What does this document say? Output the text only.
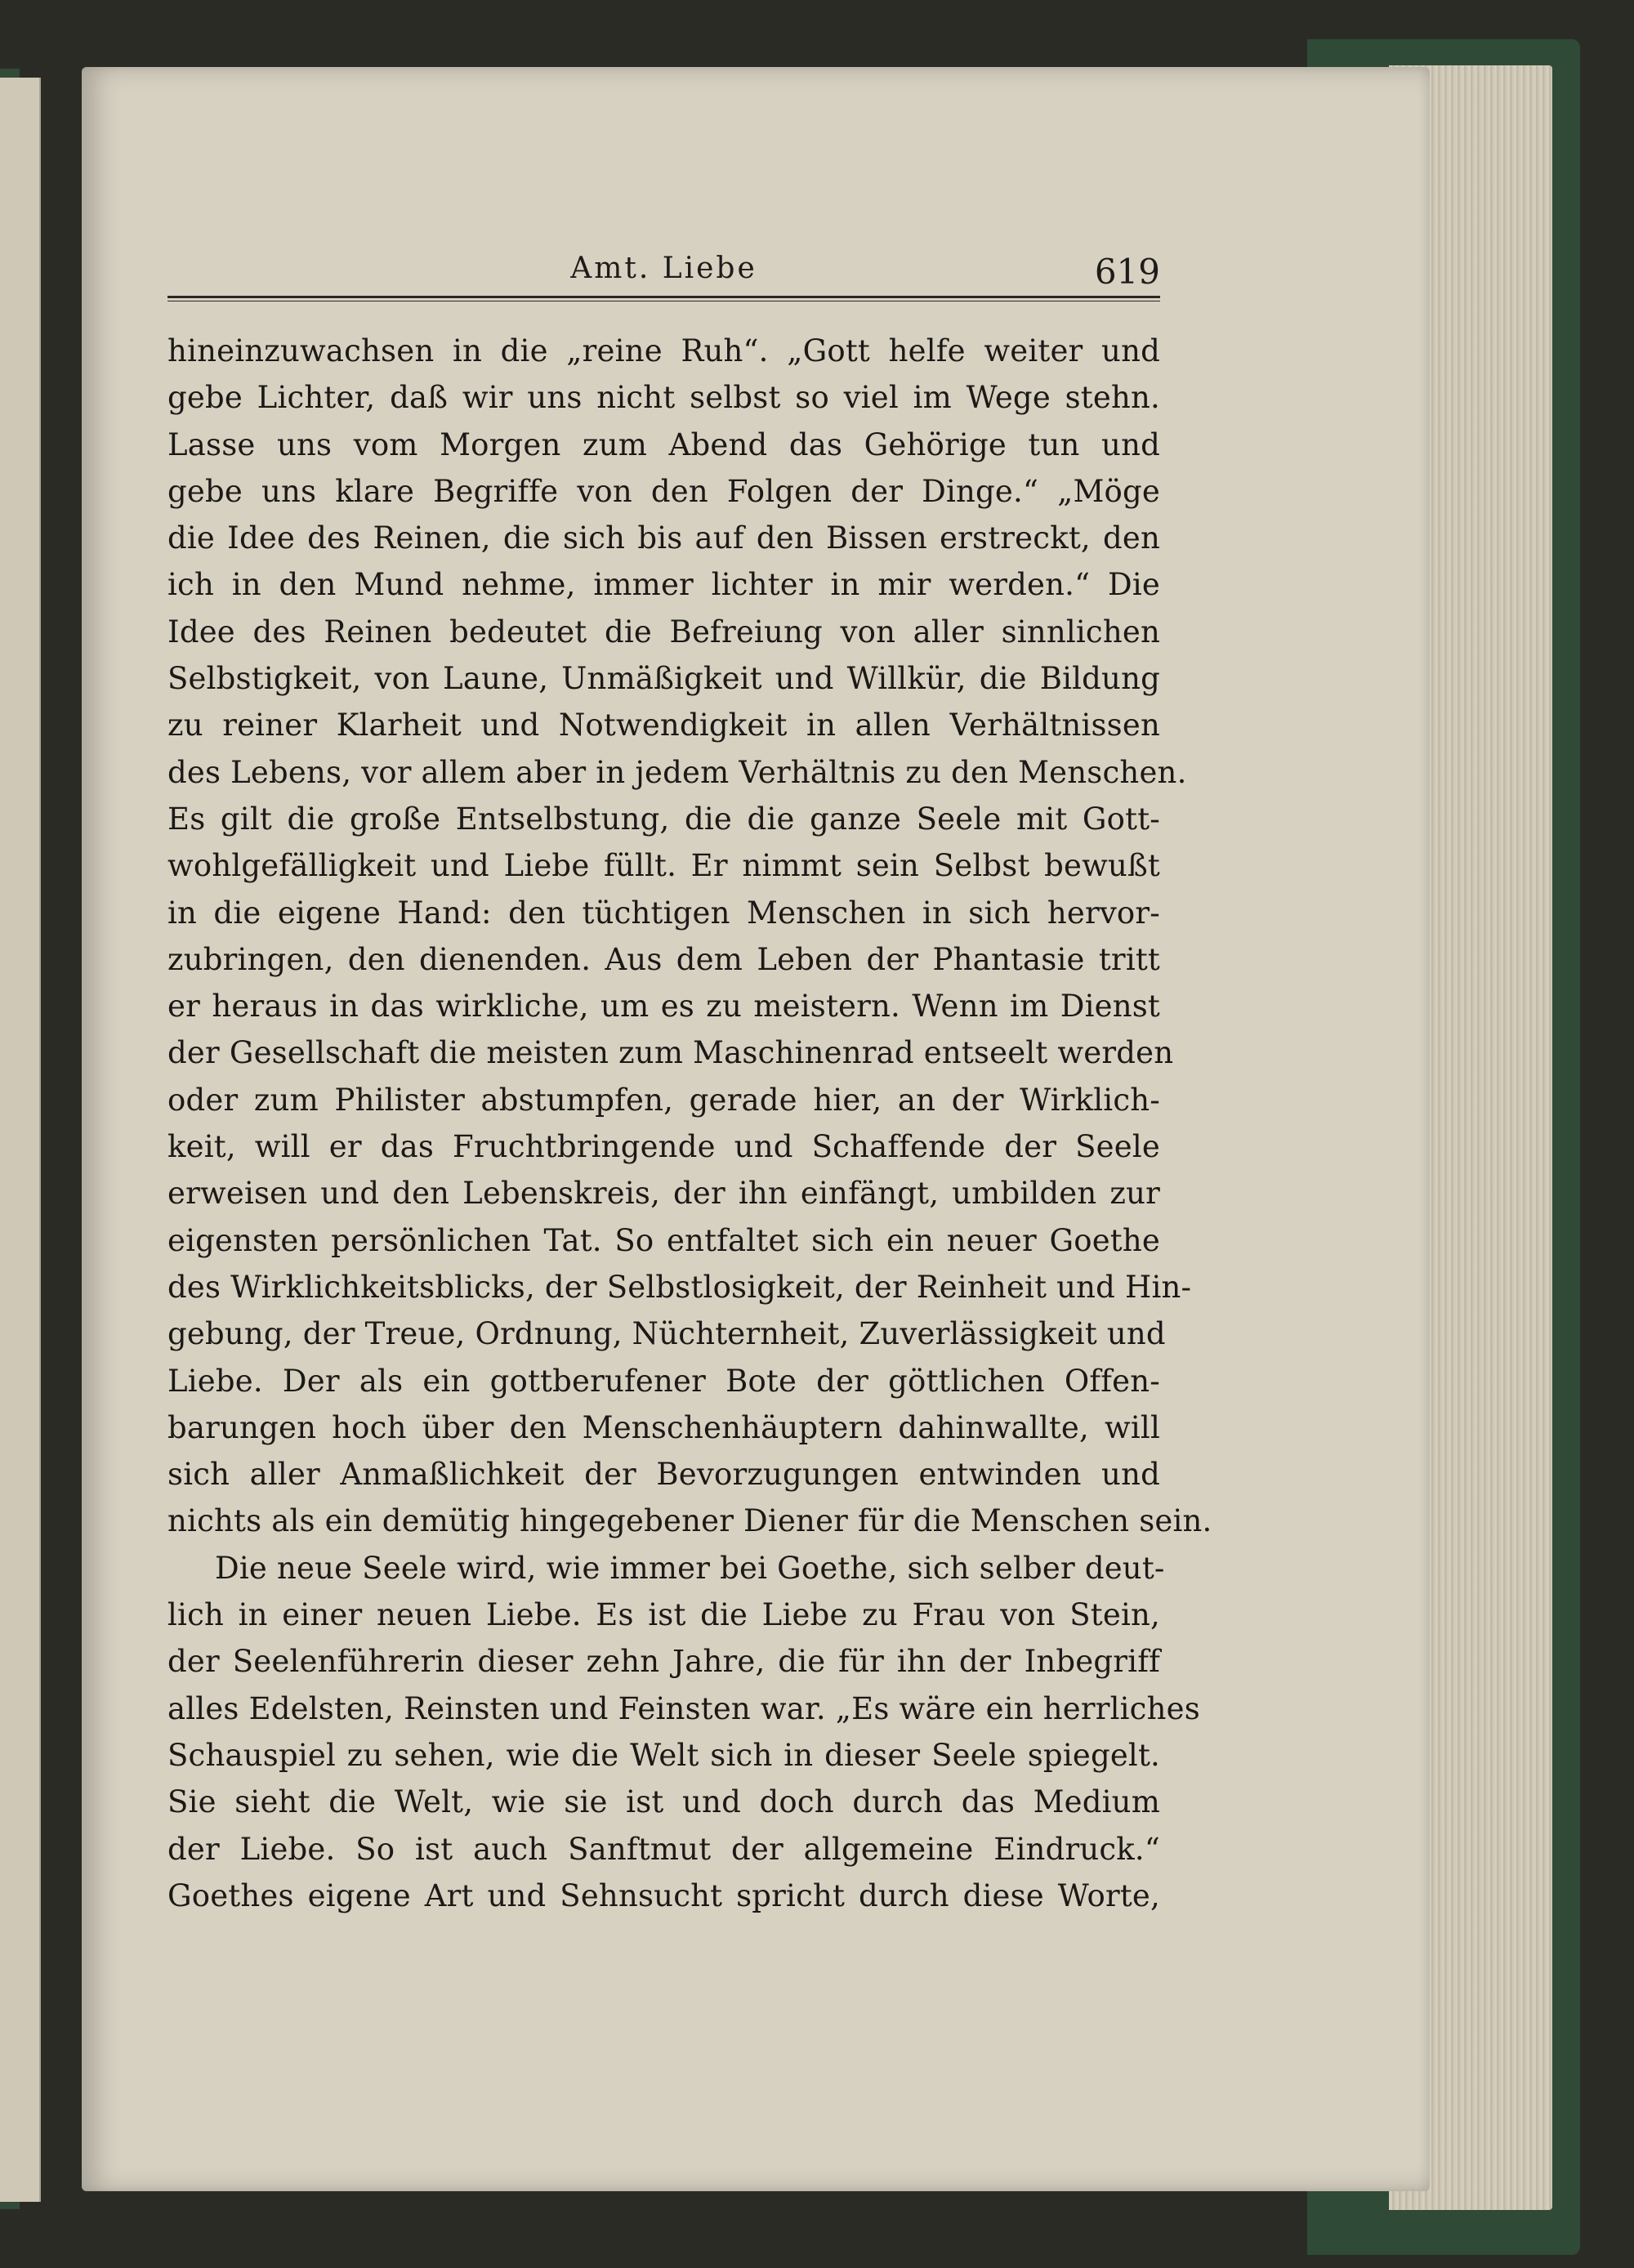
Amt. Liebe	619
hineinzuwachsen in die „reine Ruh“. „Gott helfe weiter und
gebe Lichter, daß wir uns nicht selbst so viel im Wege stehn.
Lasse uns vom Morgen zum Abend das Gehörige tun und
gebe uns klare Begriffe von den Folgen der Dinge.“ „Möge
die Idee des Reinen, die sich bis auf den Bissen erstreckt, den
ich in den Mund nehme, immer lichter in mir werden.“ Die
Idee des Reinen bedeutet die Befreiung von aller sinnlichen
Selbstigkeit, von Laune, Unmäßigkeit und Willkür, die Bildung
zu reiner Klarheit und Notwendigkeit in allen Verhältnissen
des Lebens, vor allem aber in jedem Verhältnis zu den Menschen.
Es gilt die große Entselbstung, die die ganze Seele mit Gott-
wohlgefälligkeit und Liebe füllt. Er nimmt sein Selbst bewußt
in die eigene Hand: den tüchtigen Menschen in sich hervor-
zubringen, den dienenden. Aus dem Leben der Phantasie tritt
er heraus in das wirkliche, um es zu meistern. Wenn im Dienst
der Gesellschaft die meisten zum Maschinenrad entseelt werden
oder zum Philister abstumpfen, gerade hier, an der Wirklich-
keit, will er das Fruchtbringende und Schaffende der Seele
erweisen und den Lebenskreis, der ihn einfängt, umbilden zur
eigensten persönlichen Tat. So entfaltet sich ein neuer Goethe
des Wirklichkeitsblicks, der Selbstlosigkeit, der Reinheit und Hin-
gebung, der Treue, Ordnung, Nüchternheit, Zuverlässigkeit und
Liebe. Der als ein gottberufener Bote der göttlichen Offen-
barungen hoch über den Menschenhäuptern dahinwallte, will
sich aller Anmaßlichkeit der Bevorzugungen entwinden und
nichts als ein demütig hingegebener Diener für die Menschen sein.
Die neue Seele wird, wie immer bei Goethe, sich selber deut-
lich in einer neuen Liebe. Es ist die Liebe zu Frau von Stein,
der Seelenführerin dieser zehn Jahre, die für ihn der Inbegriff
alles Edelsten, Reinsten und Feinsten war. „Es wäre ein herrliches
Schauspiel zu sehen, wie die Welt sich in dieser Seele spiegelt.
Sie sieht die Welt, wie sie ist und doch durch das Medium
der Liebe. So ist auch Sanftmut der allgemeine Eindruck.“
Goethes eigene Art und Sehnsucht spricht durch diese Worte,
